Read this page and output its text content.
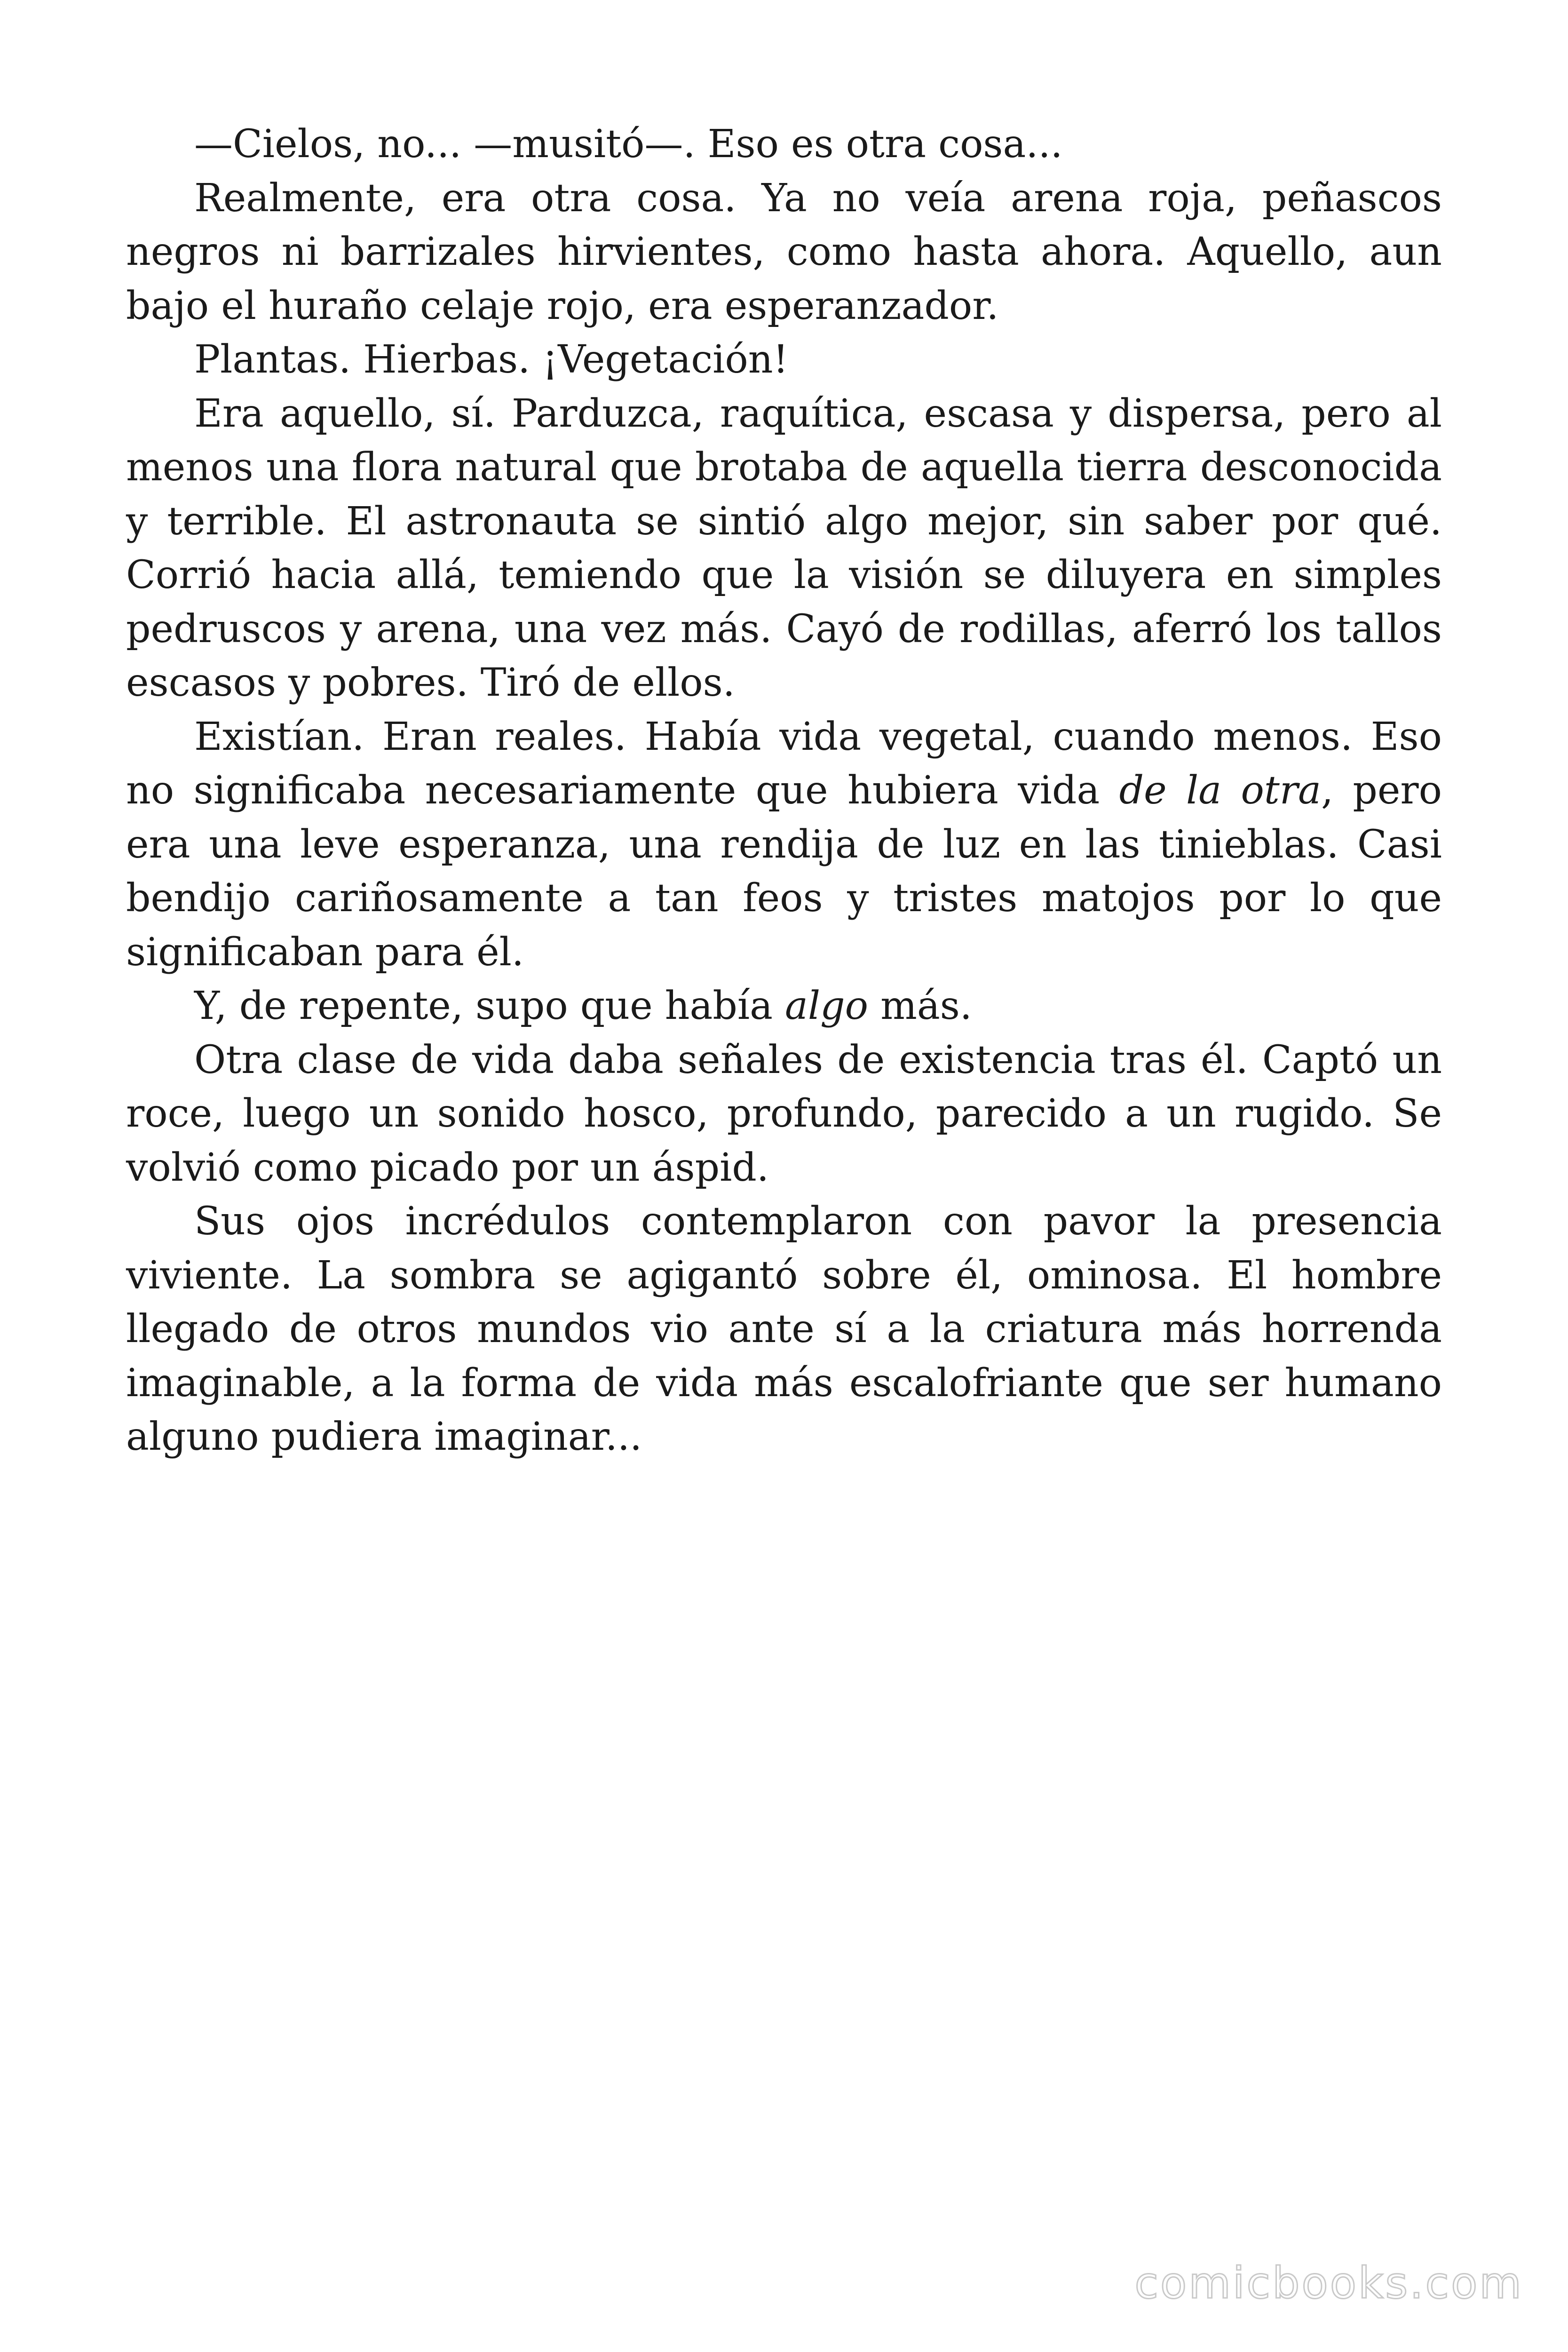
—Cielos, no... —musitó—. Eso es otra cosa...

Realmente, era otra cosa. Ya no veía arena roja, peñascos negros ni barrizales hirvientes, como hasta ahora. Aquello, aun bajo el huraño celaje rojo, era esperanzador.

Plantas. Hierbas. ¡Vegetación!

Era aquello, sí. Parduzca, raquítica, escasa y dispersa, pero al menos una flora natural que brotaba de aquella tierra desconocida y terrible. El astronauta se sintió algo mejor, sin saber por qué. Corrió hacia allá, temiendo que la visión se diluyera en simples pedruscos y arena, una vez más. Cayó de rodillas, aferró los tallos escasos y pobres. Tiró de ellos.

Existían. Eran reales. Había vida vegetal, cuando menos. Eso no significaba necesariamente que hubiera vida de la otra, pero era una leve esperanza, una rendija de luz en las tinieblas. Casi bendijo cariñosamente a tan feos y tristes matojos por lo que significaban para él.

Y, de repente, supo que había algo más.

Otra clase de vida daba señales de existencia tras él. Captó un roce, luego un sonido hosco, profundo, parecido a un rugido. Se volvió como picado por un áspid.

Sus ojos incrédulos contemplaron con pavor la presencia viviente. La sombra se agigantó sobre él, ominosa. El hombre llegado de otros mundos vio ante sí a la criatura más horrenda imaginable, a la forma de vida más escalofriante que ser humano alguno pudiera imaginar...

comicbooks.com
